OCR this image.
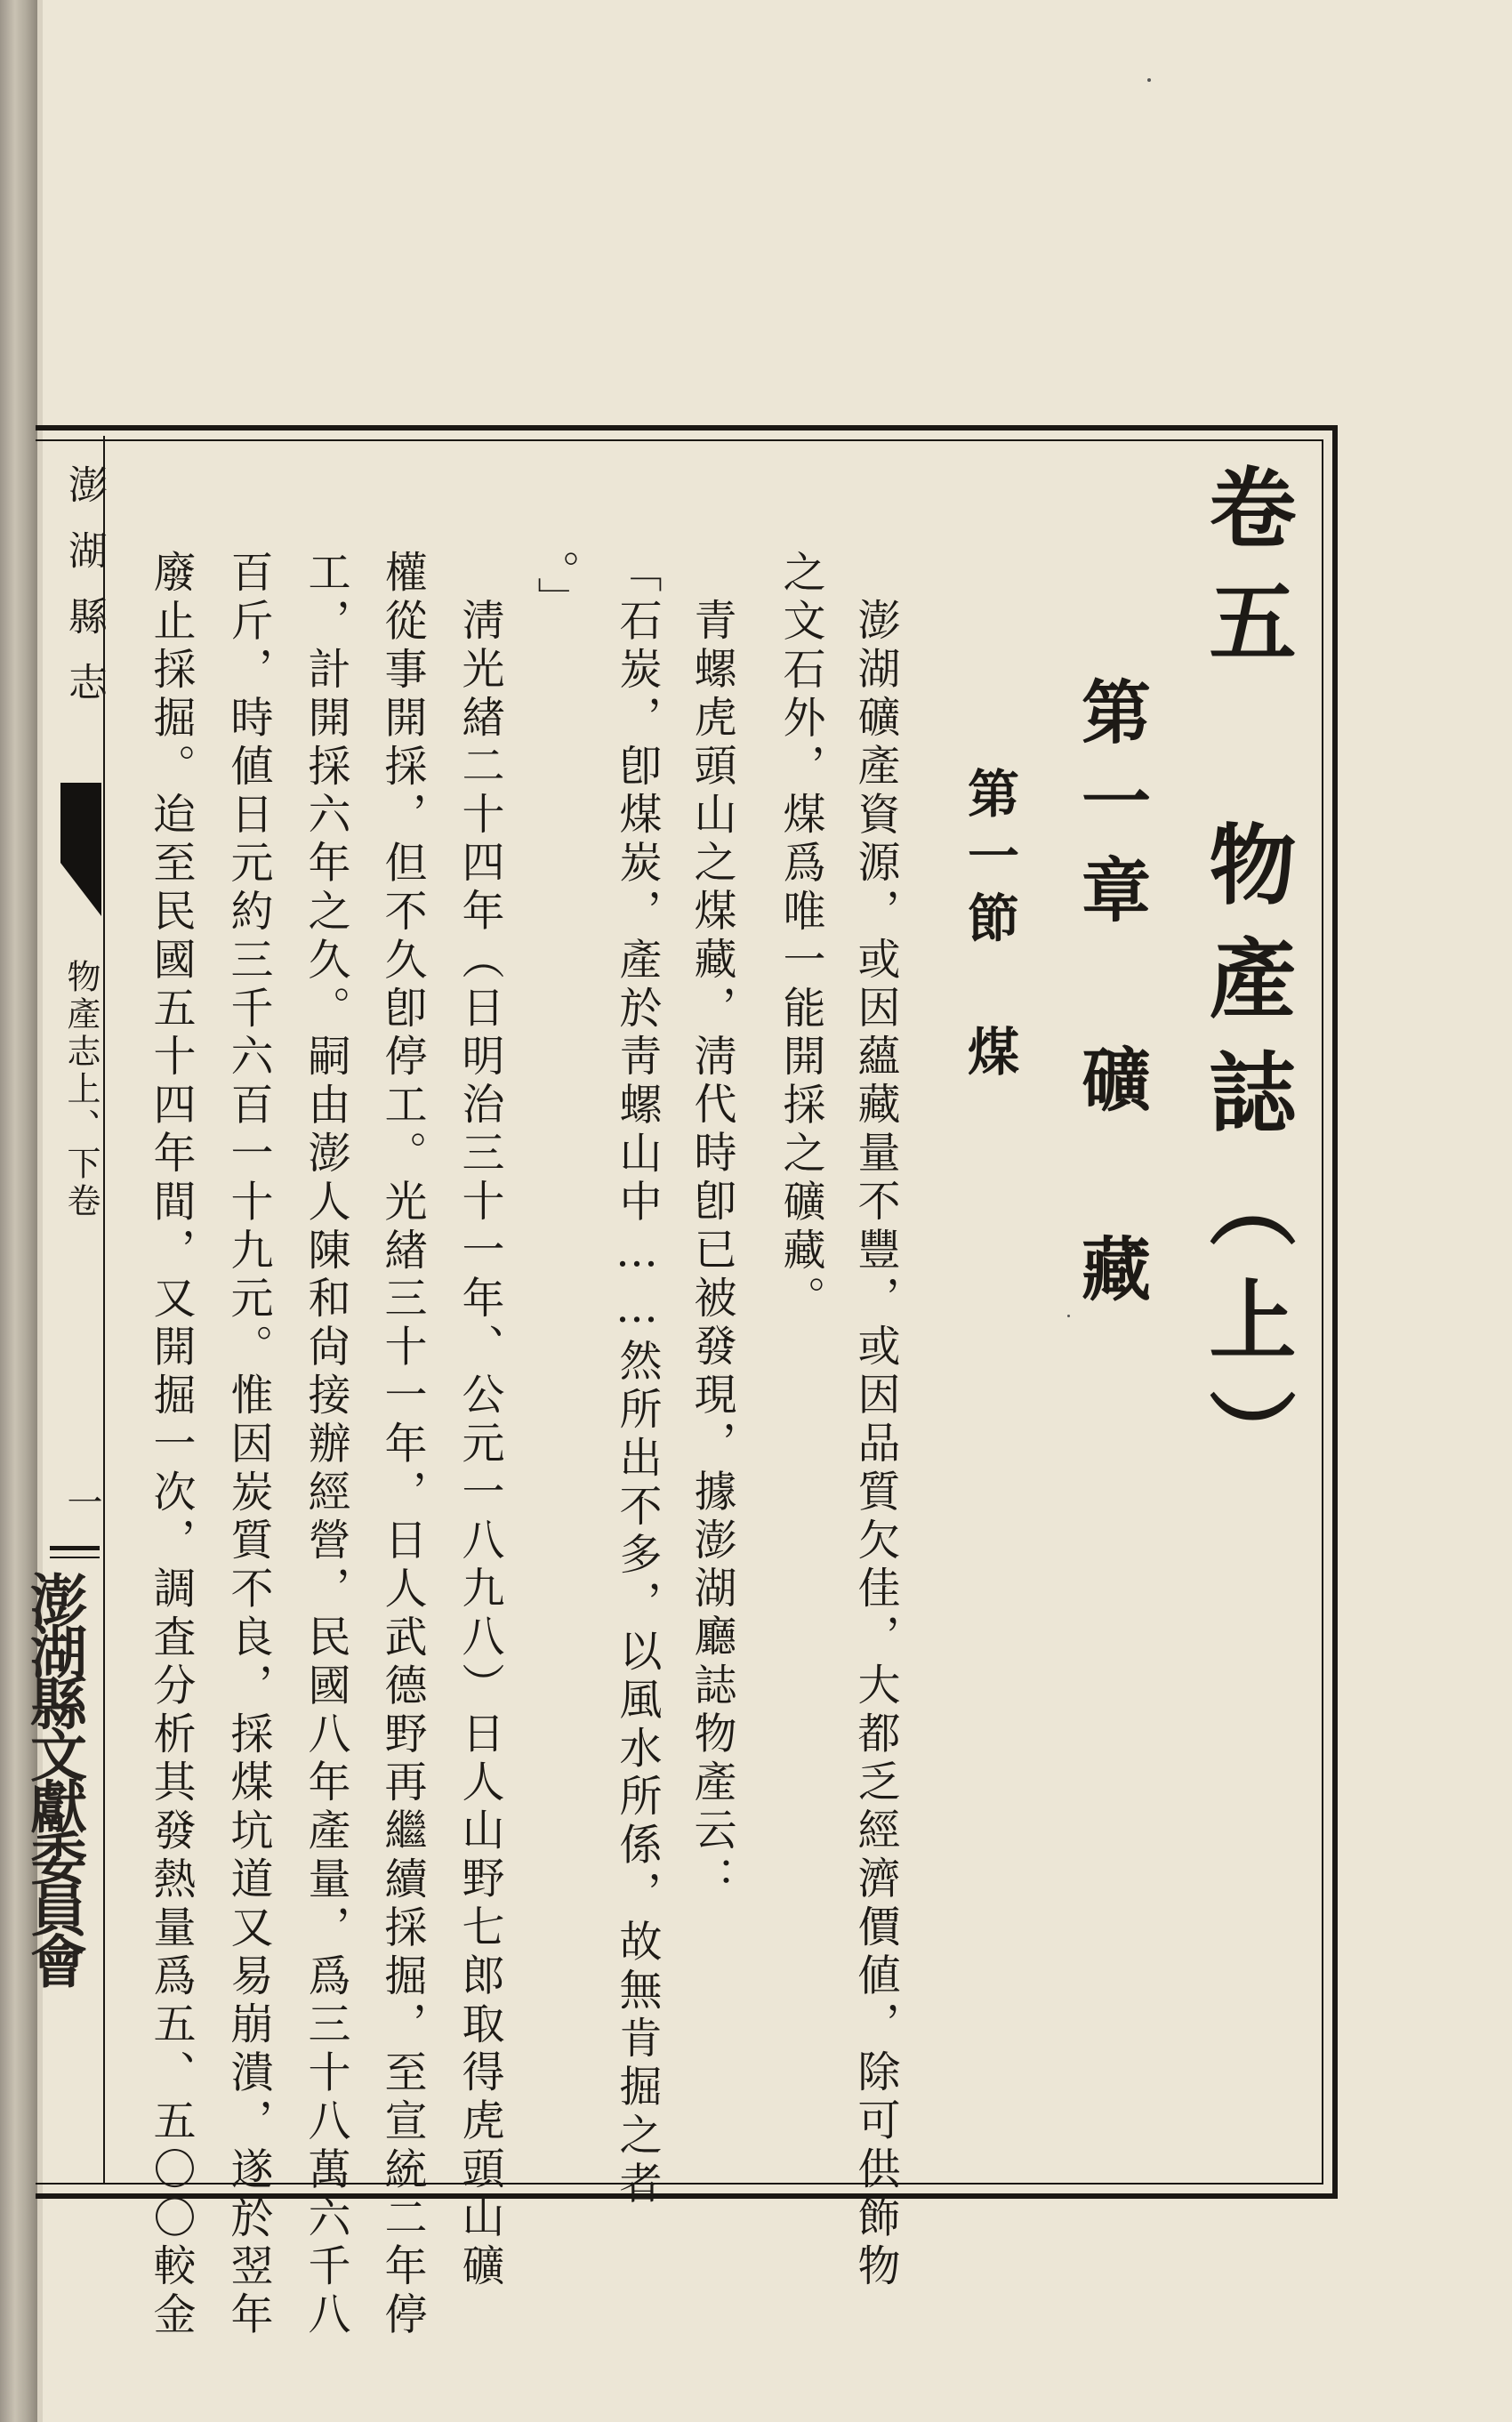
卷五 物產誌（上）
第一章 礦 藏
第一節 煤
澎湖礦產資源，或因蘊藏量不豐，或因品質欠佳，大都乏經濟價値，除可供飾物
之文石外，煤爲唯一能開採之礦藏。
青螺虎頭山之煤藏，淸代時卽已被發現，據澎湖廳誌物產云：
「石炭，卽煤炭，產於靑螺山中……然所出不多，以風水所係，故無肯掘之者
。」
淸光緖二十四年（日明治三十一年、公元一八九八）日人山野七郎取得虎頭山礦
權從事開採，但不久卽停工。光緖三十一年，日人武德野再繼續採掘，至宣統二年停
工，計開採六年之久。嗣由澎人陳和尙接辦經營，民國八年產量，爲三十八萬六千八
百斤，時値日元約三千六百一十九元。惟因炭質不良，採煤坑道又易崩潰，遂於翌年
廢止採掘。迨至民國五十四年間，又開掘一次，調査分析其發熱量爲五、五〇〇較金
澎湖縣志
物產志上、下卷
一
澎湖縣文獻委員會
